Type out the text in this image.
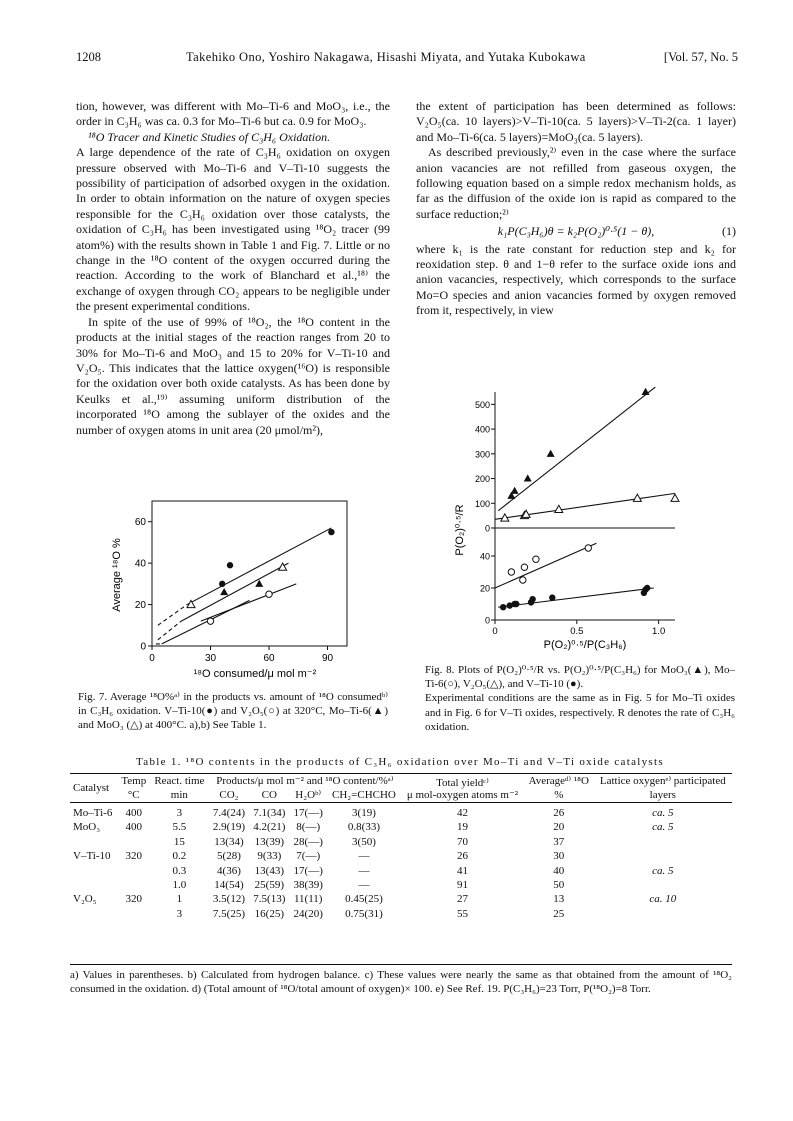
1208	Takehiko Ono, Yoshiro Nakagawa, Hisashi Miyata, and Yutaka Kubokawa	[Vol. 57, No. 5

tion, however, was different with Mo–Ti-6 and MoO₃, i.e., the order in C₃H₆ was ca. 0.3 for Mo–Ti-6 but ca. 0.9 for MoO₃.

¹⁸O Tracer and Kinetic Studies of C₃H₆ Oxidation.

A large dependence of the rate of C₃H₆ oxidation on oxygen pressure observed with Mo–Ti-6 and V–Ti-10 suggests the possibility of participation of adsorbed oxygen in the oxidation. In order to obtain information on the nature of oxygen species responsible for the C₃H₆ oxidation over those catalysts, the oxidation of C₃H₆ has been investigated using ¹⁸O₂ tracer (99 atom%) with the results shown in Table 1 and Fig. 7. Little or no change in the ¹⁸O content of the oxygen occurred during the reaction. According to the work of Blanchard et al.,¹⁸⁾ the exchange of oxygen through CO₂ appears to be negligible under the present experimental conditions.

In spite of the use of 99% of ¹⁸O₂, the ¹⁸O content in the products at the initial stages of the reaction ranges from 20 to 30% for Mo–Ti-6 and MoO₃ and 15 to 20% for V–Ti-10 and V₂O₅. This indicates that the lattice oxygen(¹⁶O) is responsible for the oxidation over both oxide catalysts. As has been done by Keulks et al.,¹⁹⁾ assuming uniform distribution of the incorporated ¹⁸O among the sublayer of the oxides and the number of oxygen atoms in unit area (20 μmol/m²),

the extent of participation has been determined as follows: V₂O₅(ca. 10 layers)>V–Ti-10(ca. 5 layers)>V–Ti-2(ca. 1 layer) and Mo–Ti-6(ca. 5 layers)=MoO₃(ca. 5 layers).

As described previously,²⁾ even in the case where the surface anion vacancies are not refilled from gaseous oxygen, the following equation based on a simple redox mechanism holds, as far as the diffusion of the oxide ion is rapid as compared to the surface reduction;²⁾

k₁P(C₃H₆)θ = k₂P(O₂)⁰·⁵(1 − θ),	(1)

where k₁ is the rate constant for reduction step and k₂ for reoxidation step. θ and 1−θ refer to the surface oxide ions and anion vacancies, respectively, which corresponds to the surface Mo=O species and anion vacancies formed by oxygen removed from it, respectively, in view

0	30	60	90
0
20
40
60
Average ¹⁸O %
¹⁸O consumed/μ mol m⁻²

Fig. 7. Average ¹⁸O%ᵃ⁾ in the products vs. amount of ¹⁸O consumedᵇ⁾ in C₃H₆ oxidation. V–Ti-10(●) and V₂O₅(○) at 320°C, Mo–Ti-6(▲) and MoO₃ (△) at 400°C. a),b) See Table 1.

0	0.5	1.0
0
100
200
300
400
500
0
20
40
P(O₂)⁰·⁵/R
P(O₂)⁰·⁵/P(C₃H₆)

Fig. 8. Plots of P(O₂)⁰·⁵/R vs. P(O₂)⁰·⁵/P(C₃H₆) for MoO₃(▲), Mo–Ti-6(○), V₂O₅(△), and V–Ti-10 (●).

Experimental conditions are the same as in Fig. 5 for Mo–Ti oxides and in Fig. 6 for V–Ti oxides, respectively. R denotes the rate of C₃H₆ oxidation.

Table 1. ¹⁸O contents in the products of C₃H₆ oxidation over Mo–Ti and V–Ti oxide catalysts
Catalyst	Temp	React. time	Products/μ mol m⁻² and ¹⁸O content/%ᵃ⁾				Total yieldᶜ⁾
μ mol-oxygen atoms m⁻²	Averageᵈ⁾ ¹⁸O	Lattice oxygenᵉ⁾ participated
	°C	min	CO₂	CO	H₂Oᵇ⁾	CH₂=CHCHO		%	layers
Mo–Ti-6	400	3	7.4(24)	7.1(34)	17(—)	3(19)	42	26	ca. 5
MoO₃	400	5.5	2.9(19)	4.2(21)	8(—)	0.8(33)	19	20	ca. 5
		15	13(34)	13(39)	28(—)	3(50)	70	37	
V–Ti-10	320	0.2	5(28)	9(33)	7(—)	—	26	30	
		0.3	4(36)	13(43)	17(—)	—	41	40	ca. 5
		1.0	14(54)	25(59)	38(39)	—	91	50	
V₂O₅	320	1	3.5(12)	7.5(13)	11(11)	0.45(25)	27	13	ca. 10
		3	7.5(25)	16(25)	24(20)	0.75(31)	55	25	

a) Values in parentheses. b) Calculated from hydrogen balance. c) These values were nearly the same as that obtained from the amount of ¹⁸O₂ consumed in the oxidation. d) (Total amount of ¹⁸O/total amount of oxygen)× 100. e) See Ref. 19. P(C₃H₆)=23 Torr, P(¹⁸O₂)=8 Torr.
